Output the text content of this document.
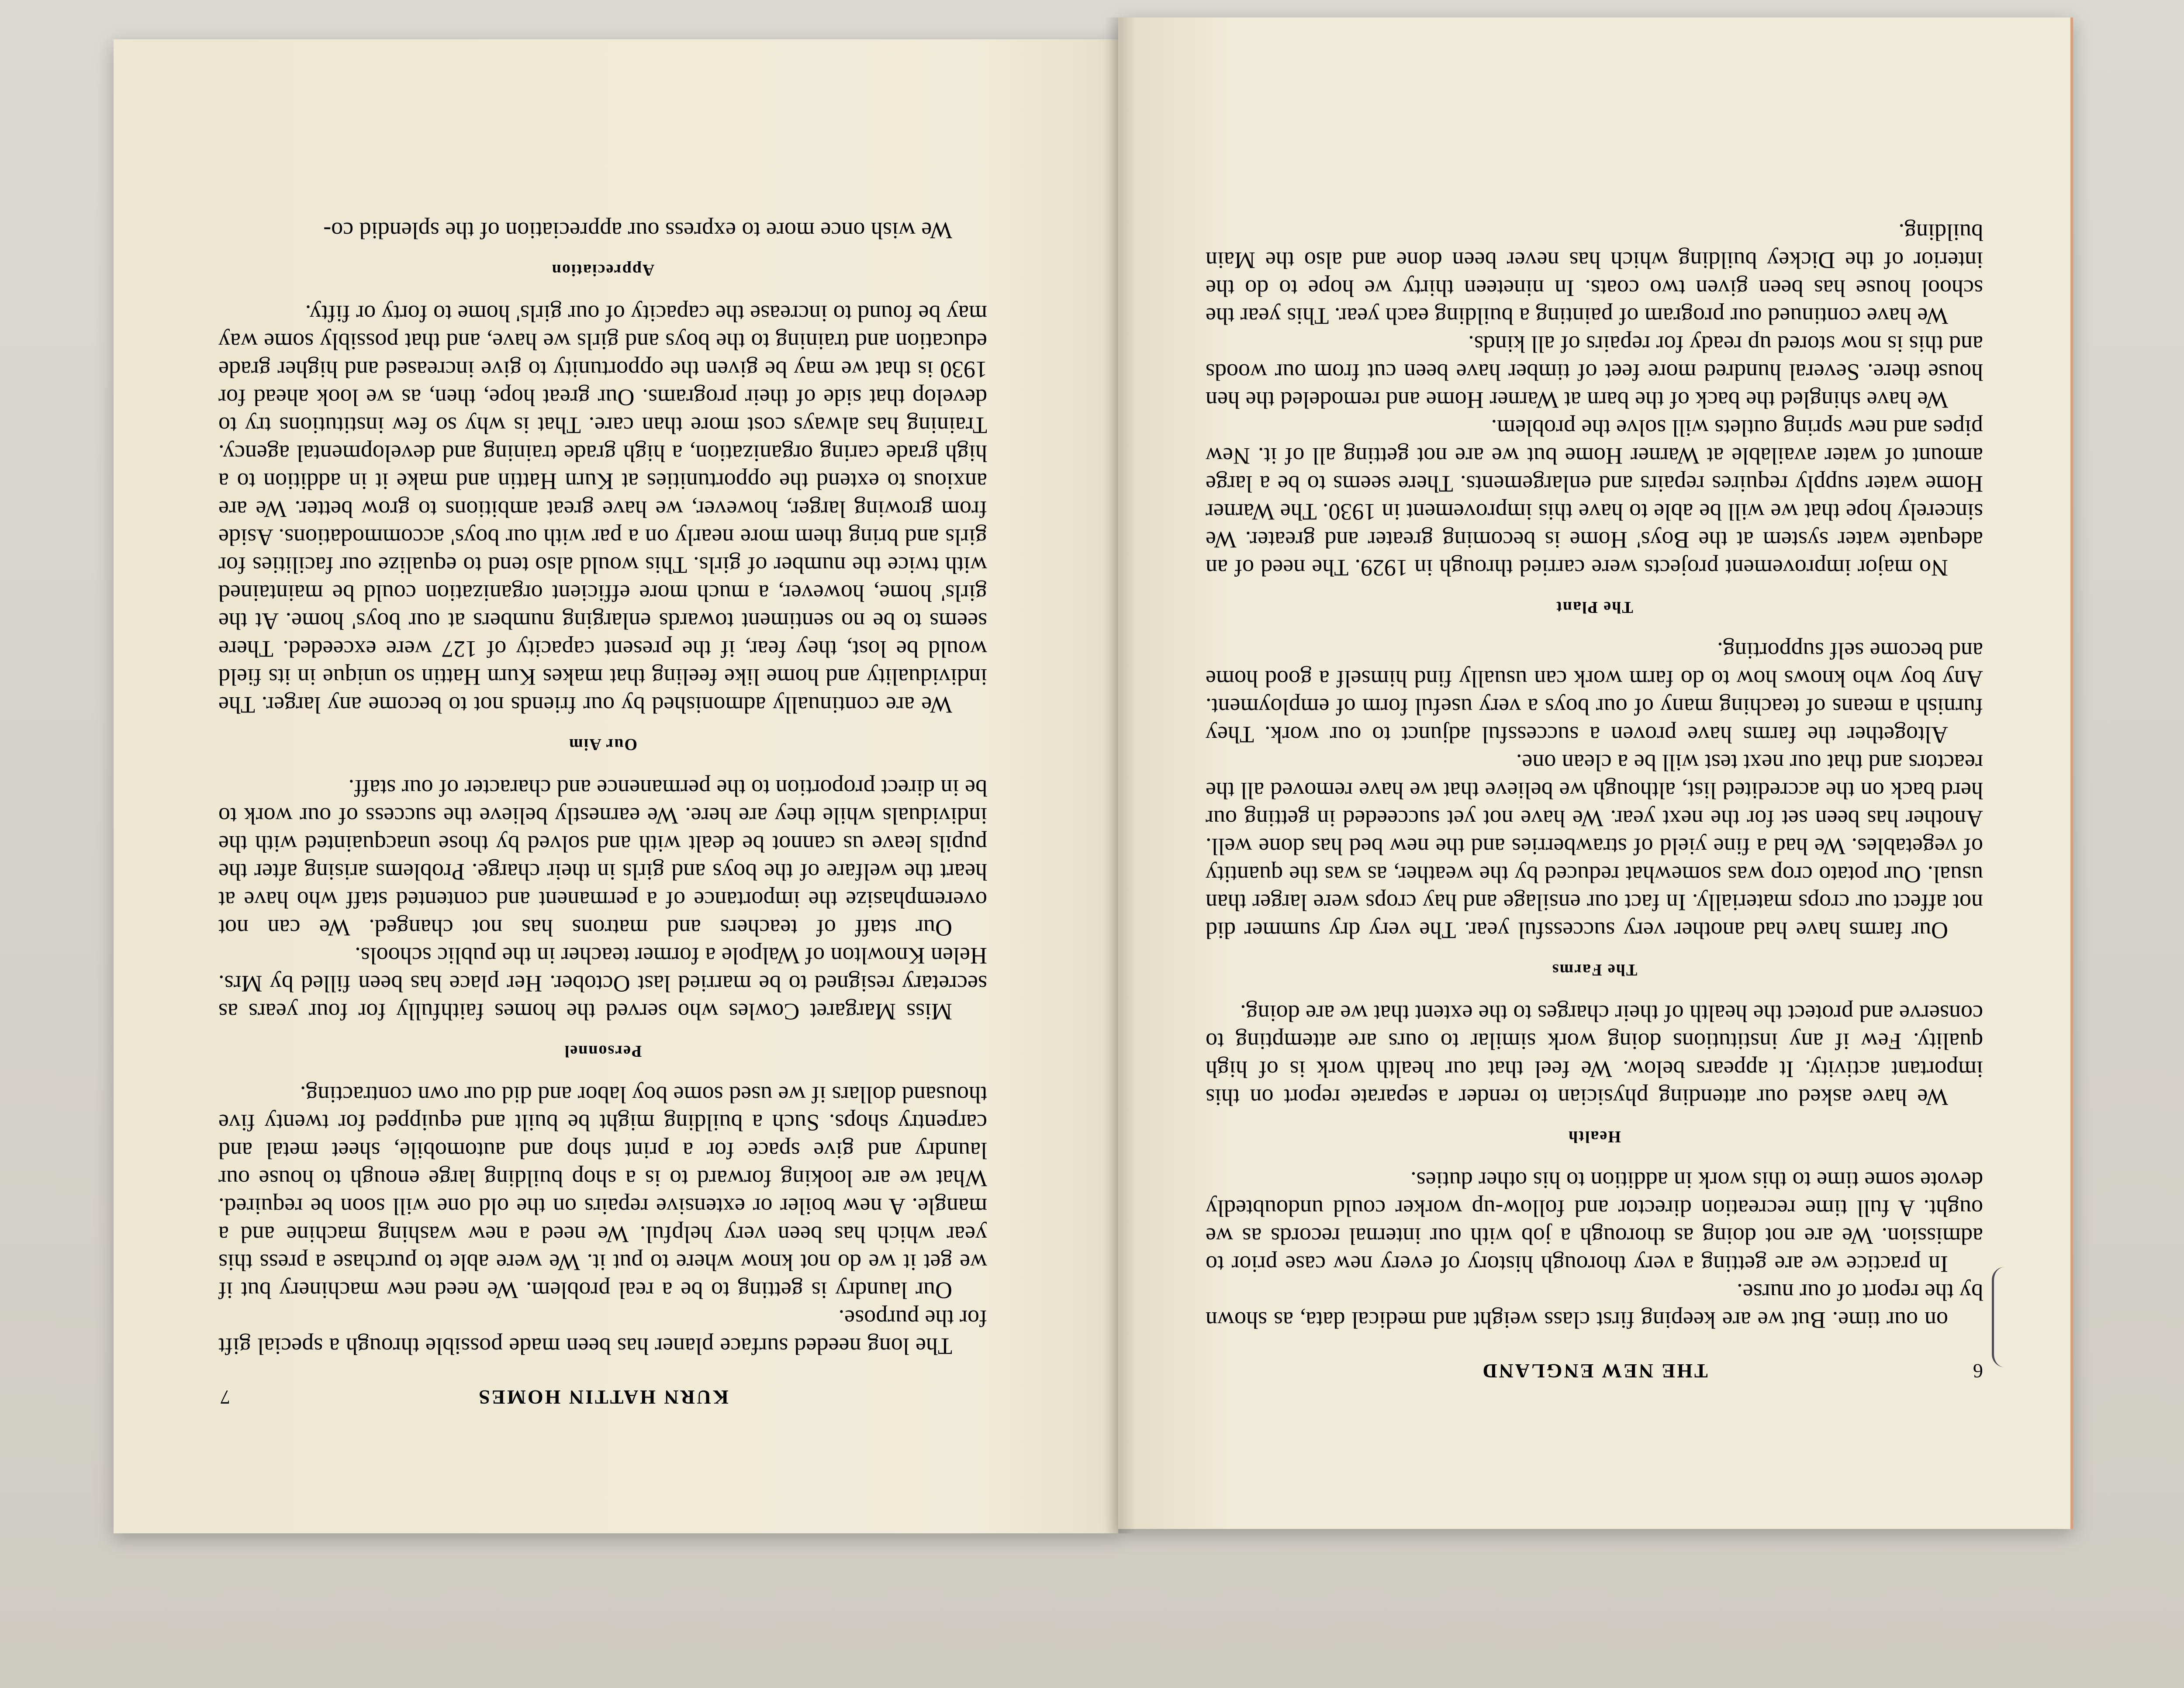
KURN HATTIN HOMES
7

The long needed surface planer has been made possible through a special gift for the purpose.

Our laundry is getting to be a real problem. We need new machinery but if we get it we do not know where to put it. We were able to purchase a press this year which has been very helpful. We need a new washing machine and a mangle. A new boiler or extensive repairs on the old one will soon be required. What we are looking forward to is a shop building large enough to house our laundry and give space for a print shop and automobile, sheet metal and carpentry shops. Such a building might be built and equipped for twenty five thousand dollars if we used some boy labor and did our own contracting.

Personnel

Miss Margaret Cowles who served the homes faithfully for four years as secretary resigned to be married last October. Her place has been filled by Mrs. Helen Knowlton of Walpole a former teacher in the public schools.

Our staff of teachers and matrons has not changed. We can not overemphasize the importance of a permanent and contented staff who have at heart the welfare of the boys and girls in their charge. Problems arising after the pupils leave us cannot be dealt with and solved by those unacquainted with the individuals while they are here. We earnestly believe the success of our work to be in direct proportion to the permanence and character of our staff.

Our Aim

We are continually admonished by our friends not to become any larger. The individuality and home like feeling that makes Kurn Hattin so unique in its field would be lost, they fear, if the present capacity of 127 were exceeded. There seems to be no sentiment towards enlarging numbers at our boys' home. At the girls' home, however, a much more efficient organization could be maintained with twice the number of girls. This would also tend to equalize our facilities for girls and bring them more nearly on a par with our boys' accommodations. Aside from growing larger, however, we have great ambitions to grow better. We are anxious to extend the opportunities at Kurn Hattin and make it in addition to a high grade caring organization, a high grade training and developmental agency. Training has always cost more than care. That is why so few institutions try to develop that side of their programs. Our great hope, then, as we look ahead for 1930 is that we may be given the opportunity to give increased and higher grade education and training to the boys and girls we have, and that possibly some way may be found to increase the capacity of our girls' home to forty or fifty.

Appreciation

We wish once more to express our appreciation of the splendid co-

6
THE NEW ENGLAND

on our time. But we are keeping first class weight and medical data, as shown by the report of our nurse.

In practice we are getting a very thorough history of every new case prior to admission. We are not doing as thorough a job with our internal records as we ought. A full time recreation director and follow-up worker could undoubtedly devote some time to this work in addition to his other duties.

Health

We have asked our attending physician to render a separate report on this important activity. It appears below. We feel that our health work is of high quality. Few if any institutions doing work similar to ours are attempting to conserve and protect the health of their charges to the extent that we are doing.

The Farms

Our farms have had another very successful year. The very dry summer did not affect our crops materially. In fact our ensilage and hay crops were larger than usual. Our potato crop was somewhat reduced by the weather, as was the quantity of vegetables. We had a fine yield of strawberries and the new bed has done well. Another has been set for the next year. We have not yet succeeded in getting our herd back on the accredited list, although we believe that we have removed all the reactors and that our next test will be a clean one.

Altogether the farms have proven a successful adjunct to our work. They furnish a means of teaching many of our boys a very useful form of employment. Any boy who knows how to do farm work can usually find himself a good home and become self supporting.

The Plant

No major improvement projects were carried through in 1929. The need of an adequate water system at the Boys' Home is becoming greater and greater. We sincerely hope that we will be able to have this improvement in 1930. The Warner Home water supply requires repairs and enlargements. There seems to be a large amount of water available at Warner Home but we are not getting all of it. New pipes and new spring outlets will solve the problem.

We have shingled the back of the barn at Warner Home and remodeled the hen house there. Several hundred more feet of timber have been cut from our woods and this is now stored up ready for repairs of all kinds.

We have continued our program of painting a building each year. This year the school house has been given two coats. In nineteen thirty we hope to do the interior of the Dickey building which has never been done and also the Main building.
